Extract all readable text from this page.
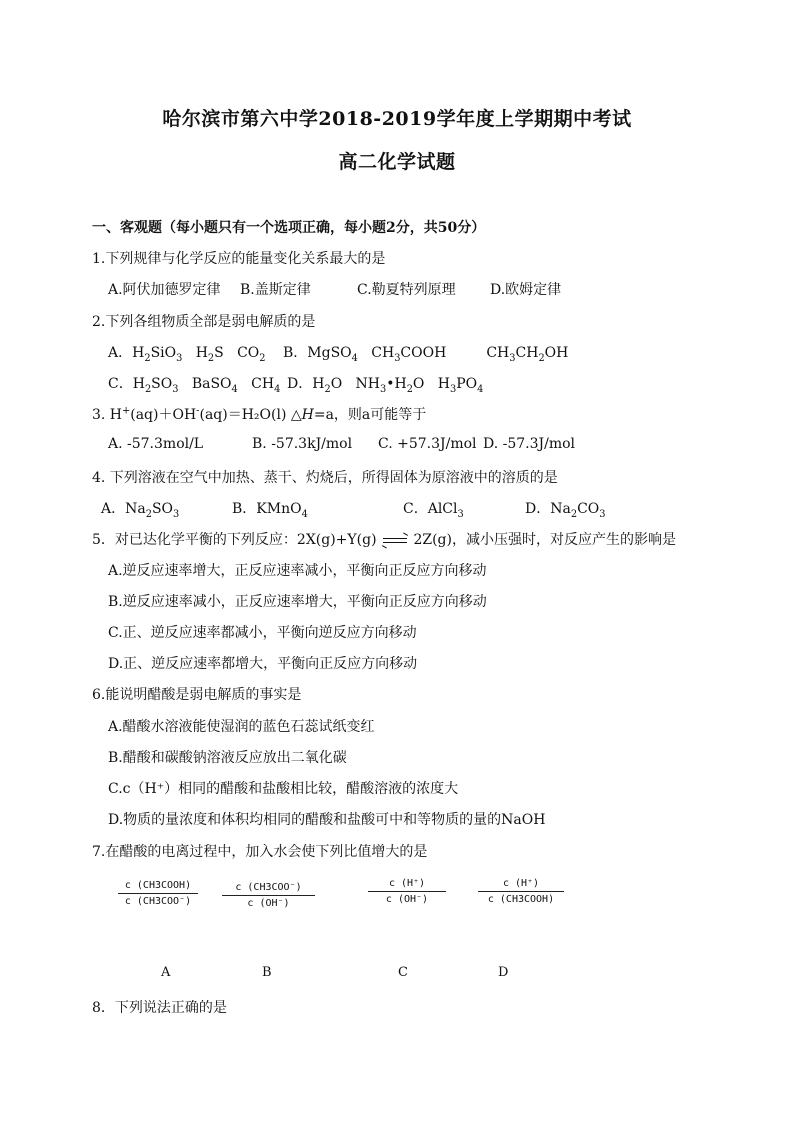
哈尔滨市第六中学2018-2019学年度上学期期中考试
高二化学试题
一、客观题（每小题只有一个选项正确，每小题2分，共50分）
1.下列规律与化学反应的能量变化关系最大的是
A.阿伏加德罗定律 B.盖斯定律	C.勒夏特列原理 D.欧姆定律
2.下列各组物质全部是弱电解质的是
A．$H_2SiO_3$   $H_2S$   $CO_2$ B．MgSO$_4$   $CH_3COOH$         $CH_3CH_2OH$
C．$H_2SO_3$   BaSO$_4$   $CH_4$ D．$H_2O$   $NH_3•H_2O$   $H_3PO_4$
3. H+(aq)＋OH-(aq)＝H₂O(l) △H=a，则a可能等于
A. -57.3mol/L	B. -57.3kJ/mol C. +57.3J/mol D. -57.3J/mol
4. 下列溶液在空气中加热、蒸干、灼烧后，所得固体为原溶液中的溶质的是
A．$Na_2SO_3$	B．KMnO$_4$	C．AlCl$_3$	D．$Na_2CO_3$
5．对已达化学平衡的下列反应：2X(g)+Y(g)	2Z(g)，减小压强时，对反应产生的影响是
A.逆反应速率增大，正反应速率减小，平衡向正反应方向移动
B.逆反应速率减小，正反应速率增大，平衡向正反应方向移动
C.正、逆反应速率都减小，平衡向逆反应方向移动
D.正、逆反应速率都增大，平衡向正反应方向移动
6.能说明醋酸是弱电解质的事实是
A.醋酸水溶液能使湿润的蓝色石蕊试纸变红
B.醋酸和碳酸钠溶液反应放出二氧化碳
C.c（H⁺）相同的醋酸和盐酸相比较，醋酸溶液的浓度大
D.物质的量浓度和体积均相同的醋酸和盐酸可中和等物质的量的NaOH
7.在醋酸的电离过程中，加入水会使下列比值增大的是
c (CH3COOH)
c (CH3COO⁻)
c (CH3COO⁻)
c (OH⁻)
c (H⁺)
c (OH⁻)
c (H⁺)
c (CH3COOH)
A	B	C	D
8．下列说法正确的是
